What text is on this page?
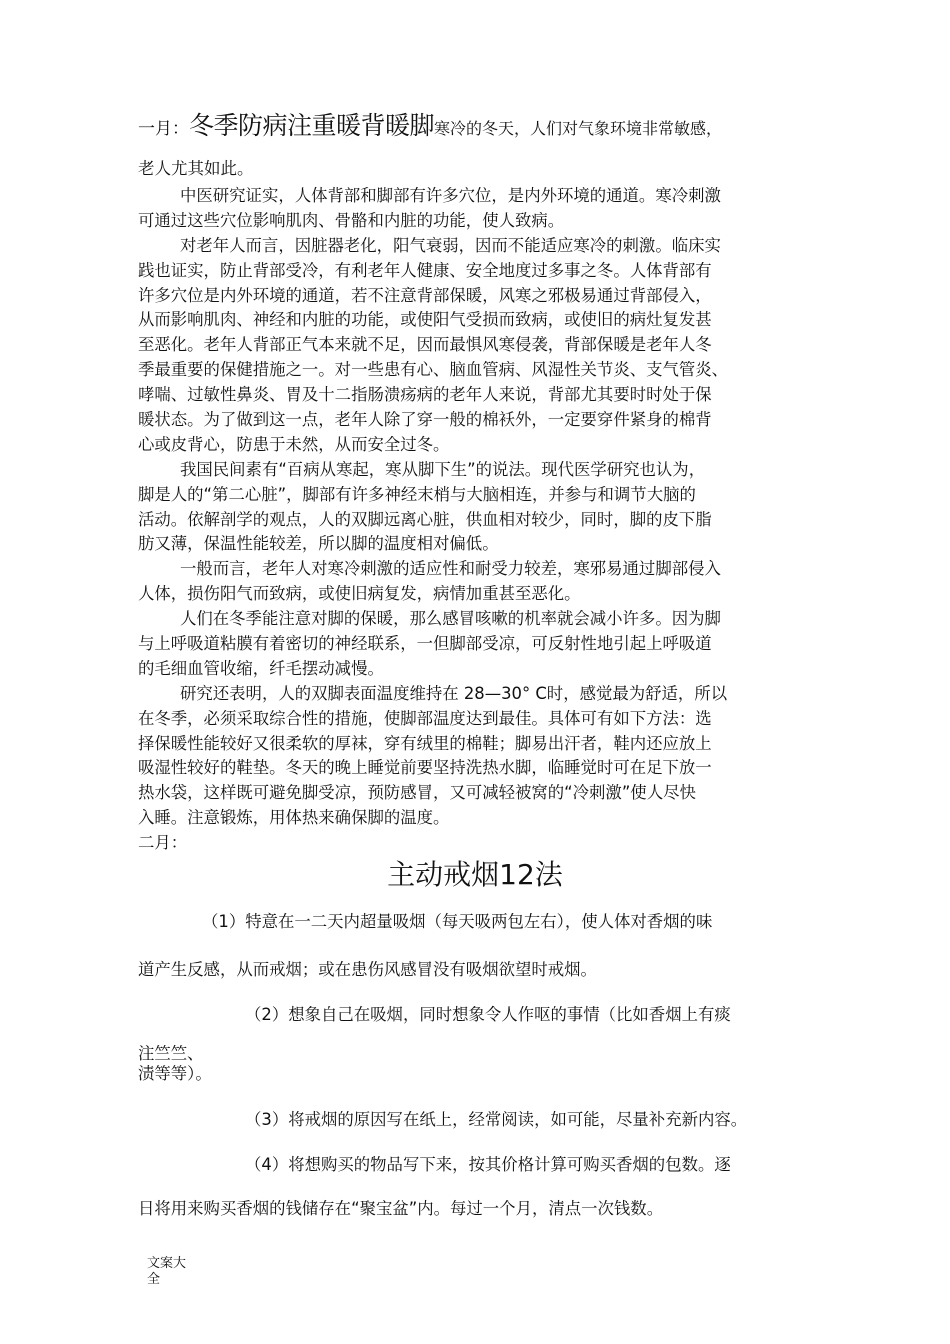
一月：冬季防病注重暖背暖脚寒冷的冬天，人们对气象环境非常敏感，
老人尤其如此。
中医研究证实，人体背部和脚部有许多穴位，是内外环境的通道。寒冷刺激
可通过这些穴位影响肌肉、骨骼和内脏的功能，使人致病。
对老年人而言，因脏器老化，阳气衰弱，因而不能适应寒冷的刺激。临床实
践也证实，防止背部受冷，有利老年人健康、安全地度过多事之冬。人体背部有
许多穴位是内外环境的通道，若不注意背部保暖，风寒之邪极易通过背部侵入，
从而影响肌肉、神经和内脏的功能，或使阳气受损而致病，或使旧的病灶复发甚
至恶化。老年人背部正气本来就不足，因而最惧风寒侵袭，背部保暖是老年人冬
季最重要的保健措施之一。对一些患有心、脑血管病、风湿性关节炎、支气管炎、
哮喘、过敏性鼻炎、胃及十二指肠溃疡病的老年人来说，背部尤其要时时处于保
暖状态。为了做到这一点，老年人除了穿一般的棉袄外，一定要穿件紧身的棉背
心或皮背心，防患于未然，从而安全过冬。
我国民间素有“百病从寒起，寒从脚下生”的说法。现代医学研究也认为，
脚是人的“第二心脏”，脚部有许多神经末梢与大脑相连，并参与和调节大脑的
活动。依解剖学的观点，人的双脚远离心脏，供血相对较少，同时，脚的皮下脂
肪又薄，保温性能较差，所以脚的温度相对偏低。
一般而言，老年人对寒冷刺激的适应性和耐受力较差，寒邪易通过脚部侵入
人体，损伤阳气而致病，或使旧病复发，病情加重甚至恶化。
人们在冬季能注意对脚的保暖，那么感冒咳嗽的机率就会减小许多。因为脚
与上呼吸道粘膜有着密切的神经联系，一但脚部受凉，可反射性地引起上呼吸道
的毛细血管收缩，纤毛摆动减慢。
研究还表明，人的双脚表面温度维持在 28—30° C时，感觉最为舒适，所以
在冬季，必须采取综合性的措施，使脚部温度达到最佳。具体可有如下方法：选
择保暖性能较好又很柔软的厚袜，穿有绒里的棉鞋；脚易出汗者，鞋内还应放上
吸湿性较好的鞋垫。冬天的晚上睡觉前要坚持洗热水脚，临睡觉时可在足下放一
热水袋，这样既可避免脚受凉，预防感冒，又可减轻被窝的“冷刺激”使人尽快
入睡。注意锻炼，用体热来确保脚的温度。
二月：
主动戒烟12法
（1）特意在一二天内超量吸烟（每天吸两包左右），使人体对香烟的味
道产生反感，从而戒烟；或在患伤风感冒没有吸烟欲望时戒烟。
（2）想象自己在吸烟，同时想象令人作呕的事情（比如香烟上有痰
注竺竺、
渍等等）。
（3）将戒烟的原因写在纸上，经常阅读，如可能，尽量补充新内容。
（4）将想购买的物品写下来，按其价格计算可购买香烟的包数。逐
日将用来购买香烟的钱储存在“聚宝盆”内。每过一个月，清点一次钱数。
文案大
全
